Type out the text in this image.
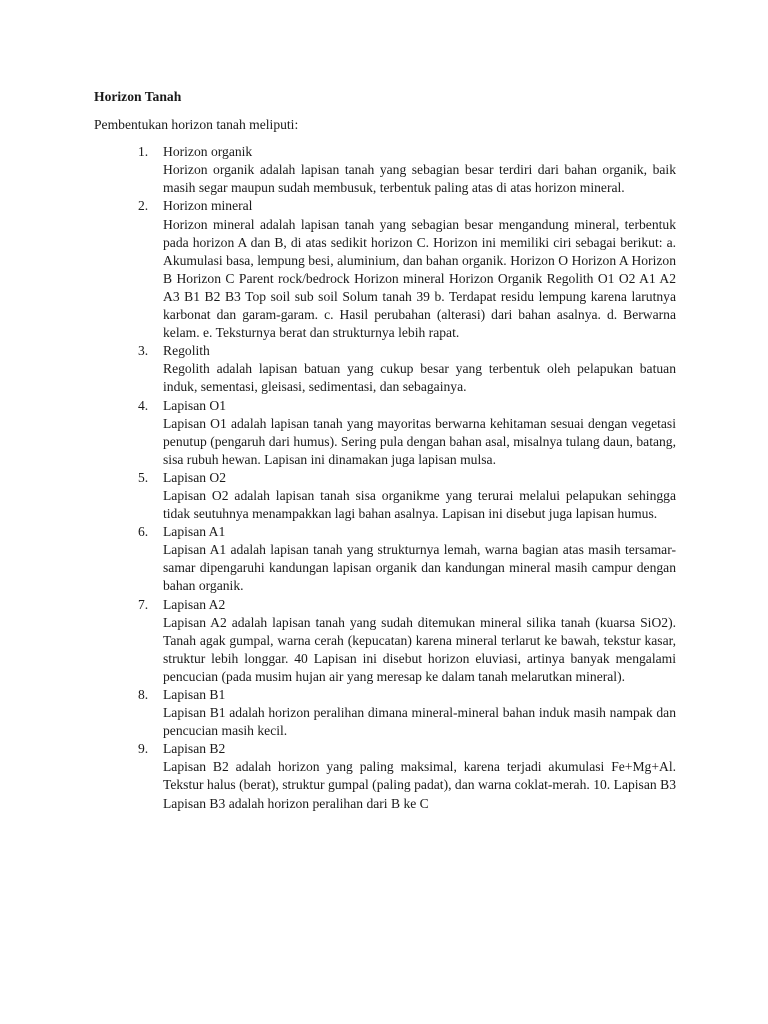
Horizon Tanah

Pembentukan horizon tanah meliputi:

1. Horizon organik
Horizon organik adalah lapisan tanah yang sebagian besar terdiri dari bahan organik, baik masih segar maupun sudah membusuk, terbentuk paling atas di atas horizon mineral.
2. Horizon mineral
Horizon mineral adalah lapisan tanah yang sebagian besar mengandung mineral, terbentuk pada horizon A dan B, di atas sedikit horizon C. Horizon ini memiliki ciri sebagai berikut: a. Akumulasi basa, lempung besi, aluminium, dan bahan organik. Horizon O Horizon A Horizon B Horizon C Parent rock/bedrock Horizon mineral Horizon Organik Regolith O1 O2 A1 A2 A3 B1 B2 B3 Top soil sub soil Solum tanah 39 b. Terdapat residu lempung karena larutnya karbonat dan garam-garam. c. Hasil perubahan (alterasi) dari bahan asalnya. d. Berwarna kelam. e. Teksturnya berat dan strukturnya lebih rapat.
3. Regolith
Regolith adalah lapisan batuan yang cukup besar yang terbentuk oleh pelapukan batuan induk, sementasi, gleisasi, sedimentasi, dan sebagainya.
4. Lapisan O1
Lapisan O1 adalah lapisan tanah yang mayoritas berwarna kehitaman sesuai dengan vegetasi penutup (pengaruh dari humus). Sering pula dengan bahan asal, misalnya tulang daun, batang, sisa rubuh hewan. Lapisan ini dinamakan juga lapisan mulsa.
5. Lapisan O2
Lapisan O2 adalah lapisan tanah sisa organikme yang terurai melalui pelapukan sehingga tidak seutuhnya menampakkan lagi bahan asalnya. Lapisan ini disebut juga lapisan humus.
6. Lapisan A1
Lapisan A1 adalah lapisan tanah yang strukturnya lemah, warna bagian atas masih tersamar-samar dipengaruhi kandungan lapisan organik dan kandungan mineral masih campur dengan bahan organik.
7. Lapisan A2
Lapisan A2 adalah lapisan tanah yang sudah ditemukan mineral silika tanah (kuarsa SiO2). Tanah agak gumpal, warna cerah (kepucatan) karena mineral terlarut ke bawah, tekstur kasar, struktur lebih longgar. 40 Lapisan ini disebut horizon eluviasi, artinya banyak mengalami pencucian (pada musim hujan air yang meresap ke dalam tanah melarutkan mineral).
8. Lapisan B1
Lapisan B1 adalah horizon peralihan dimana mineral-mineral bahan induk masih nampak dan pencucian masih kecil.
9. Lapisan B2
Lapisan B2 adalah horizon yang paling maksimal, karena terjadi akumulasi Fe+Mg+Al. Tekstur halus (berat), struktur gumpal (paling padat), dan warna coklat-merah. 10. Lapisan B3 Lapisan B3 adalah horizon peralihan dari B ke C
